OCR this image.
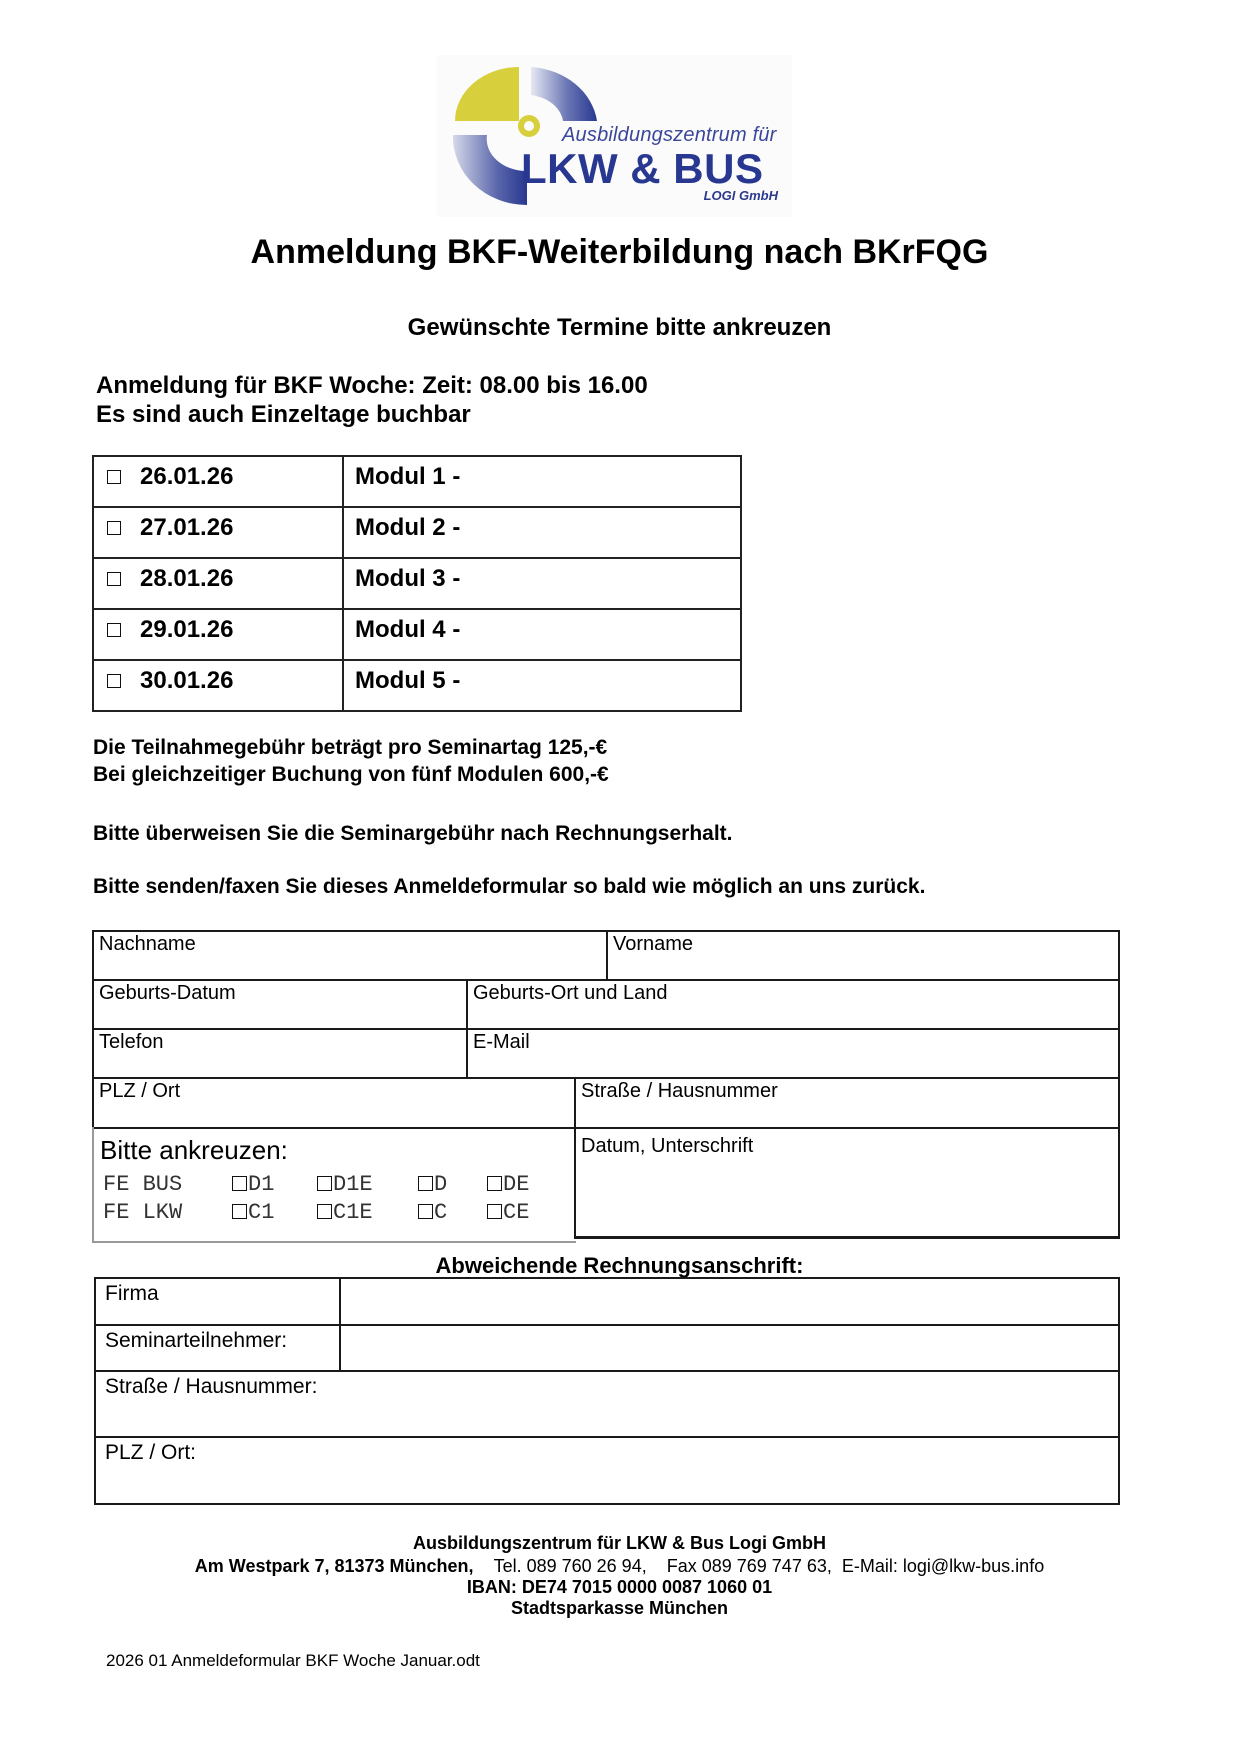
Ausbildungszentrum für
LKW & BUS
LOGI GmbH
Anmeldung BKF-Weiterbildung nach BKrFQG
Gewünschte Termine bitte ankreuzen
Anmeldung für BKF Woche: Zeit: 08.00 bis 16.00
Es sind auch Einzeltage buchbar
26.01.26	Modul 1 -

27.01.26	Modul 2 -

28.01.26	Modul 3 -

29.01.26	Modul 4 -

30.01.26	Modul 5 -
Die Teilnahmegebühr beträgt pro Seminartag 125,-€
Bei gleichzeitiger Buchung von fünf Modulen 600,-€
Bitte überweisen Sie die Seminargebühr nach Rechnungserhalt.
Bitte senden/faxen Sie dieses Anmeldeformular so bald wie möglich an uns zurück.
Nachname	Vorname
Geburts-Datum	Geburts-Ort und Land
Telefon	E-Mail
PLZ / Ort	Straße / Hausnummer
Bitte ankreuzen:
FE BUS	D1	D1E	D	DE
FE LKW	C1	C1E	C	CE
Datum, Unterschrift
Abweichende Rechnungsanschrift:
Firma
Seminarteilnehmer:
Straße / Hausnummer:
PLZ / Ort:
Ausbildungszentrum für LKW & Bus Logi GmbH
Am Westpark 7, 81373 München, Tel. 089 760 26 94, Fax 089 769 747 63, E-Mail: logi@lkw-bus.info
IBAN: DE74 7015 0000 0087 1060 01
Stadtsparkasse München
2026 01 Anmeldeformular BKF Woche Januar.odt
